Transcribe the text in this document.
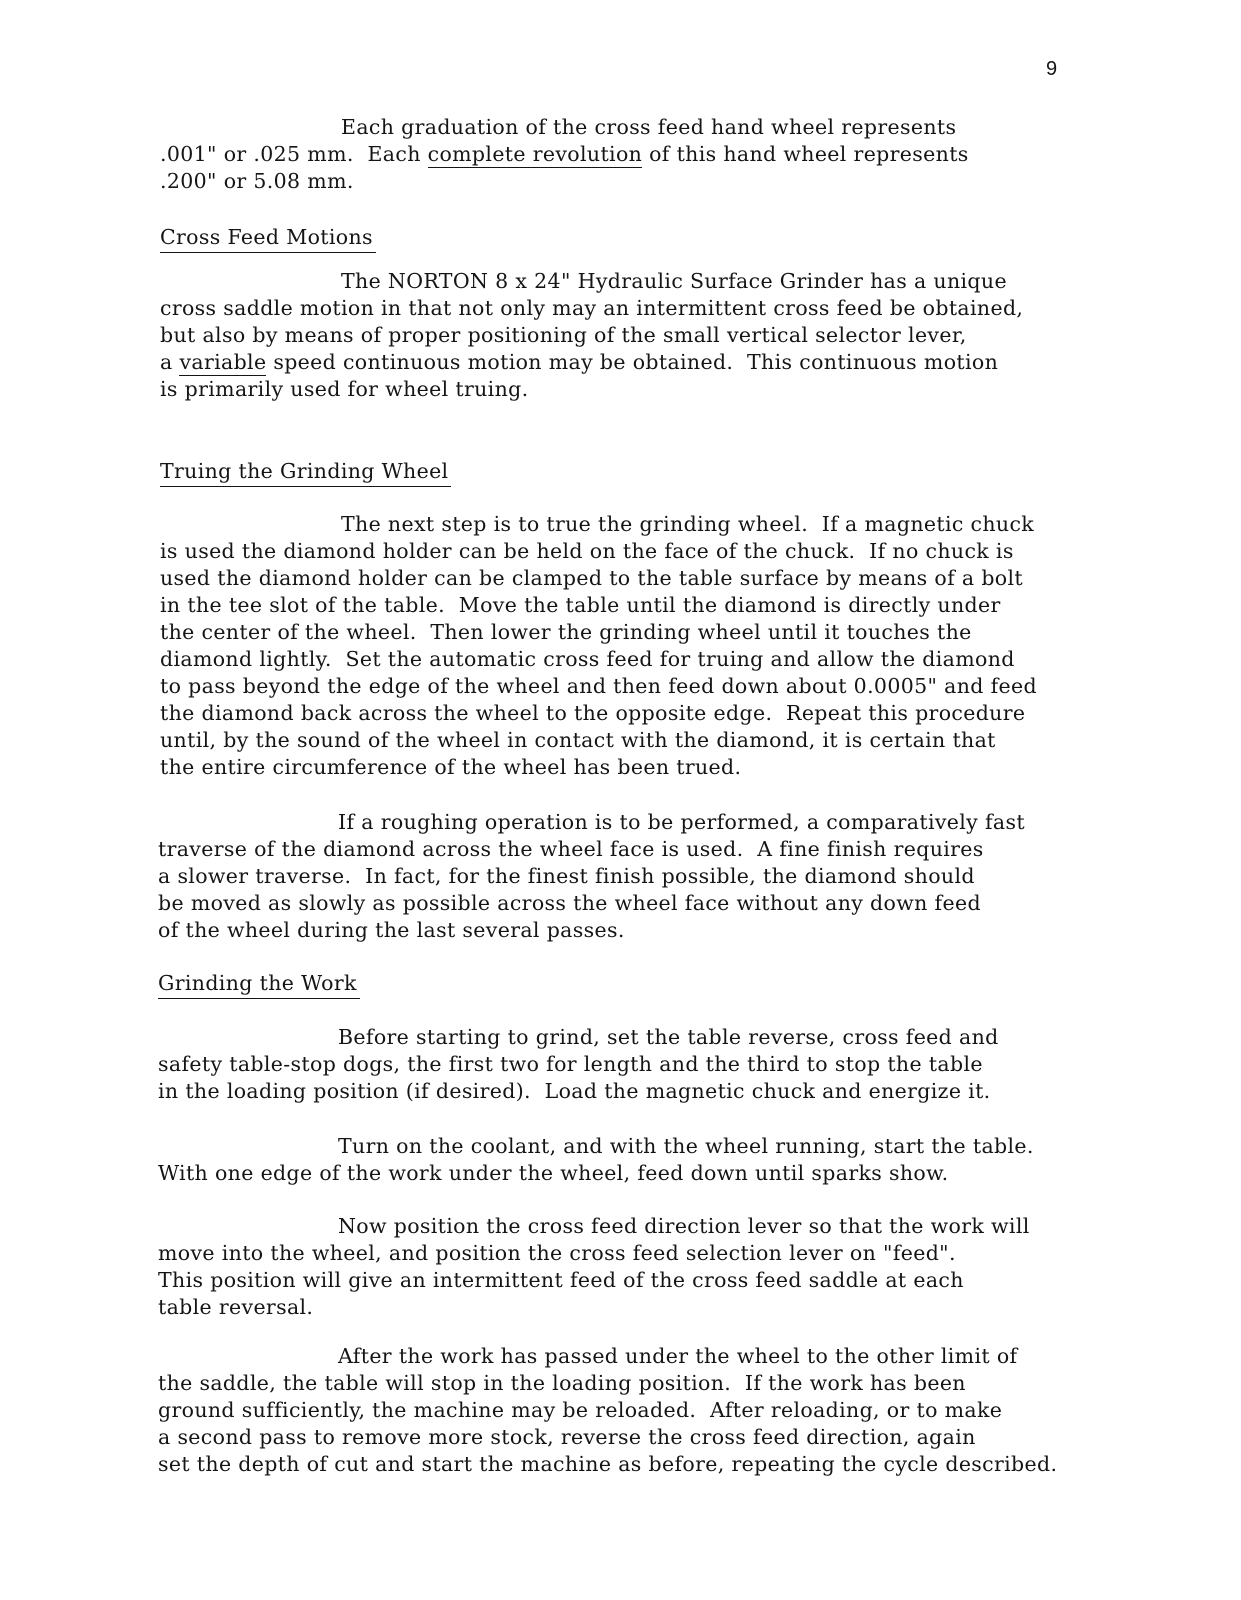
9
Each graduation of the cross feed hand wheel represents
.001" or .025 mm.  Each complete revolution of this hand wheel represents
.200" or 5.08 mm.
Cross Feed Motions
The NORTON 8 x 24" Hydraulic Surface Grinder has a unique
cross saddle motion in that not only may an intermittent cross feed be obtained,
but also by means of proper positioning of the small vertical selector lever,
a variable speed continuous motion may be obtained.  This continuous motion
is primarily used for wheel truing.
Truing the Grinding Wheel
The next step is to true the grinding wheel.  If a magnetic chuck
is used the diamond holder can be held on the face of the chuck.  If no chuck is
used the diamond holder can be clamped to the table surface by means of a bolt
in the tee slot of the table.  Move the table until the diamond is directly under
the center of the wheel.  Then lower the grinding wheel until it touches the
diamond lightly.  Set the automatic cross feed for truing and allow the diamond
to pass beyond the edge of the wheel and then feed down about 0.0005" and feed
the diamond back across the wheel to the opposite edge.  Repeat this procedure
until, by the sound of the wheel in contact with the diamond, it is certain that
the entire circumference of the wheel has been trued.
If a roughing operation is to be performed, a comparatively fast
traverse of the diamond across the wheel face is used.  A fine finish requires
a slower traverse.  In fact, for the finest finish possible, the diamond should
be moved as slowly as possible across the wheel face without any down feed
of the wheel during the last several passes.
Grinding the Work
Before starting to grind, set the table reverse, cross feed and
safety table-stop dogs, the first two for length and the third to stop the table
in the loading position (if desired).  Load the magnetic chuck and energize it.
Turn on the coolant, and with the wheel running, start the table.
With one edge of the work under the wheel, feed down until sparks show.
Now position the cross feed direction lever so that the work will
move into the wheel, and position the cross feed selection lever on "feed".
This position will give an intermittent feed of the cross feed saddle at each
table reversal.
After the work has passed under the wheel to the other limit of
the saddle, the table will stop in the loading position.  If the work has been
ground sufficiently, the machine may be reloaded.  After reloading, or to make
a second pass to remove more stock, reverse the cross feed direction, again
set the depth of cut and start the machine as before, repeating the cycle described.
